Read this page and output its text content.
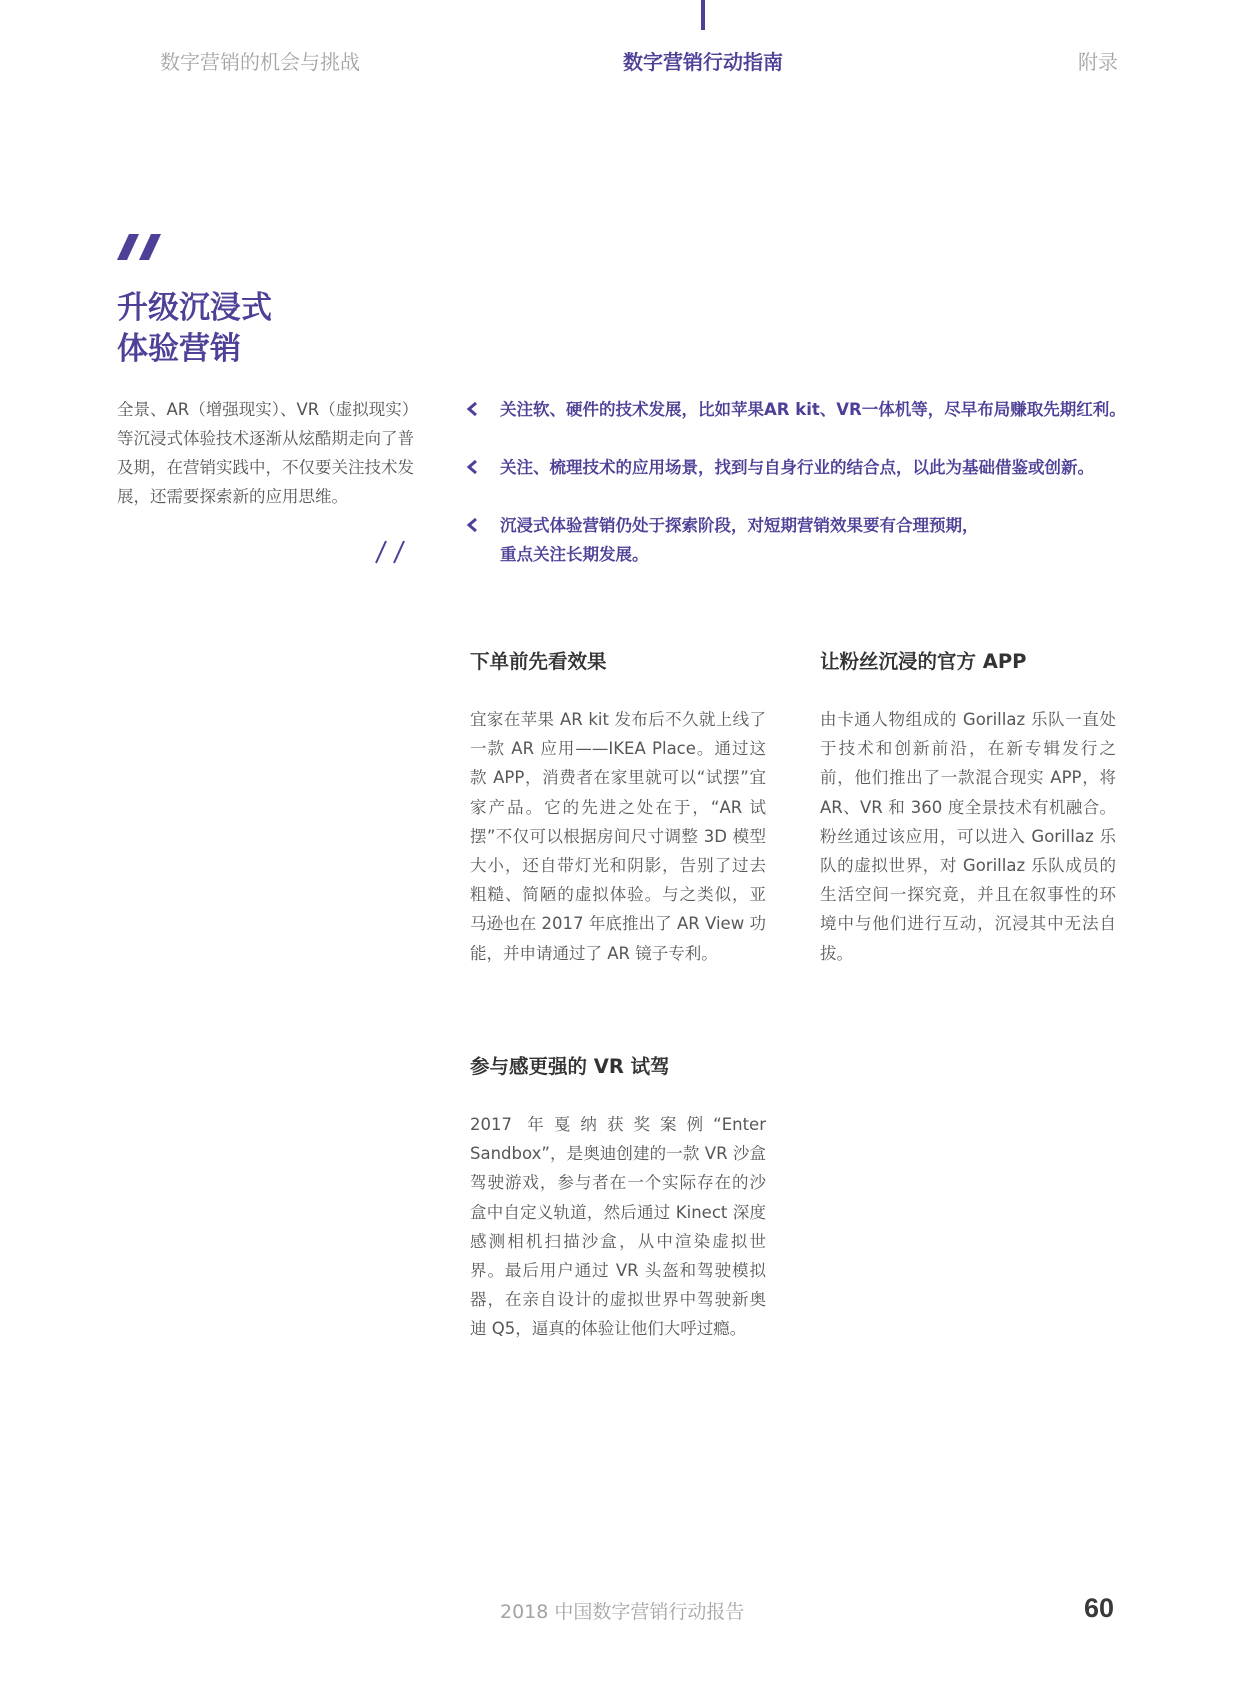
数字营销的机会与挑战	数字营销行动指南	附录
升级沉浸式
体验营销
全景、AR（增强现实）、VR（虚拟现实）等沉浸式体验技术逐渐从炫酷期走向了普及期，在营销实践中，不仅要关注技术发展，还需要探索新的应用思维。
关注软、硬件的技术发展，比如苹果AR kit、VR一体机等，尽早布局赚取先期红利。
关注、梳理技术的应用场景，找到与自身行业的结合点，以此为基础借鉴或创新。
沉浸式体验营销仍处于探索阶段，对短期营销效果要有合理预期，
重点关注长期发展。
下单前先看效果
宜家在苹果 AR kit 发布后不久就上线了一款 AR 应用——IKEA Place。通过这款 APP，消费者在家里就可以“试摆”宜家产品。它的先进之处在于，“AR 试摆”不仅可以根据房间尺寸调整 3D 模型大小，还自带灯光和阴影，告别了过去粗糙、简陋的虚拟体验。与之类似，亚马逊也在 2017 年底推出了 AR View 功能，并申请通过了 AR 镜子专利。
让粉丝沉浸的官方 APP
由卡通人物组成的 Gorillaz 乐队一直处于技术和创新前沿，在新专辑发行之前，他们推出了一款混合现实 APP，将 AR、VR 和 360 度全景技术有机融合。粉丝通过该应用，可以进入 Gorillaz 乐队的虚拟世界，对 Gorillaz 乐队成员的生活空间一探究竟，并且在叙事性的环境中与他们进行互动，沉浸其中无法自拔。
参与感更强的 VR 试驾
2017 年戛纳获奖案例“Enter Sandbox”，是奥迪创建的一款 VR 沙盒驾驶游戏，参与者在一个实际存在的沙盒中自定义轨道，然后通过 Kinect 深度感测相机扫描沙盒，从中渲染虚拟世界。最后用户通过 VR 头盔和驾驶模拟器，在亲自设计的虚拟世界中驾驶新奥迪 Q5，逼真的体验让他们大呼过瘾。
2018 中国数字营销行动报告	60
